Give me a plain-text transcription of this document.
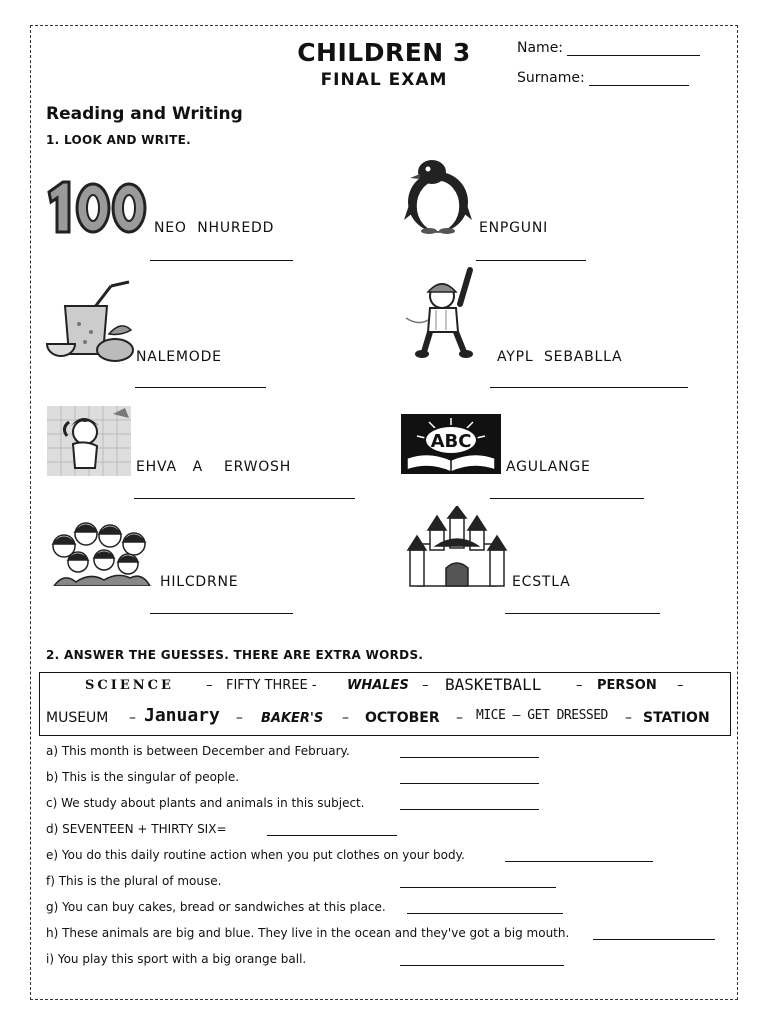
CHILDREN 3
FINAL EXAM
Name:
Surname:
Reading and Writing
1. LOOK AND WRITE.
NEO  NHUREDD	ENPGUNI
NALEMODE	AYPL  SEBABLLA
EHVA   A    ERWOSH
ABC
AGULANGE
HILCDRNE	ECSTLA
2. ANSWER THE GUESSES. THERE ARE EXTRA WORDS.
SCIENCE – FIFTY THREE - WHALES – BASKETBALL	– PERSON –
MUSEUM – January – BAKER'S – OCTOBER – MICE – GET DRESSED – STATION
a) This month is between December and February.
b) This is the singular of people.
c) We study about plants and animals in this subject.
d) SEVENTEEN + THIRTY SIX=
e) You do this daily routine action when you put clothes on your body.
f) This is the plural of mouse.
g) You can buy cakes, bread or sandwiches at this place.
h) These animals are big and blue. They live in the ocean and they've got a big mouth.
i) You play this sport with a big orange ball.
